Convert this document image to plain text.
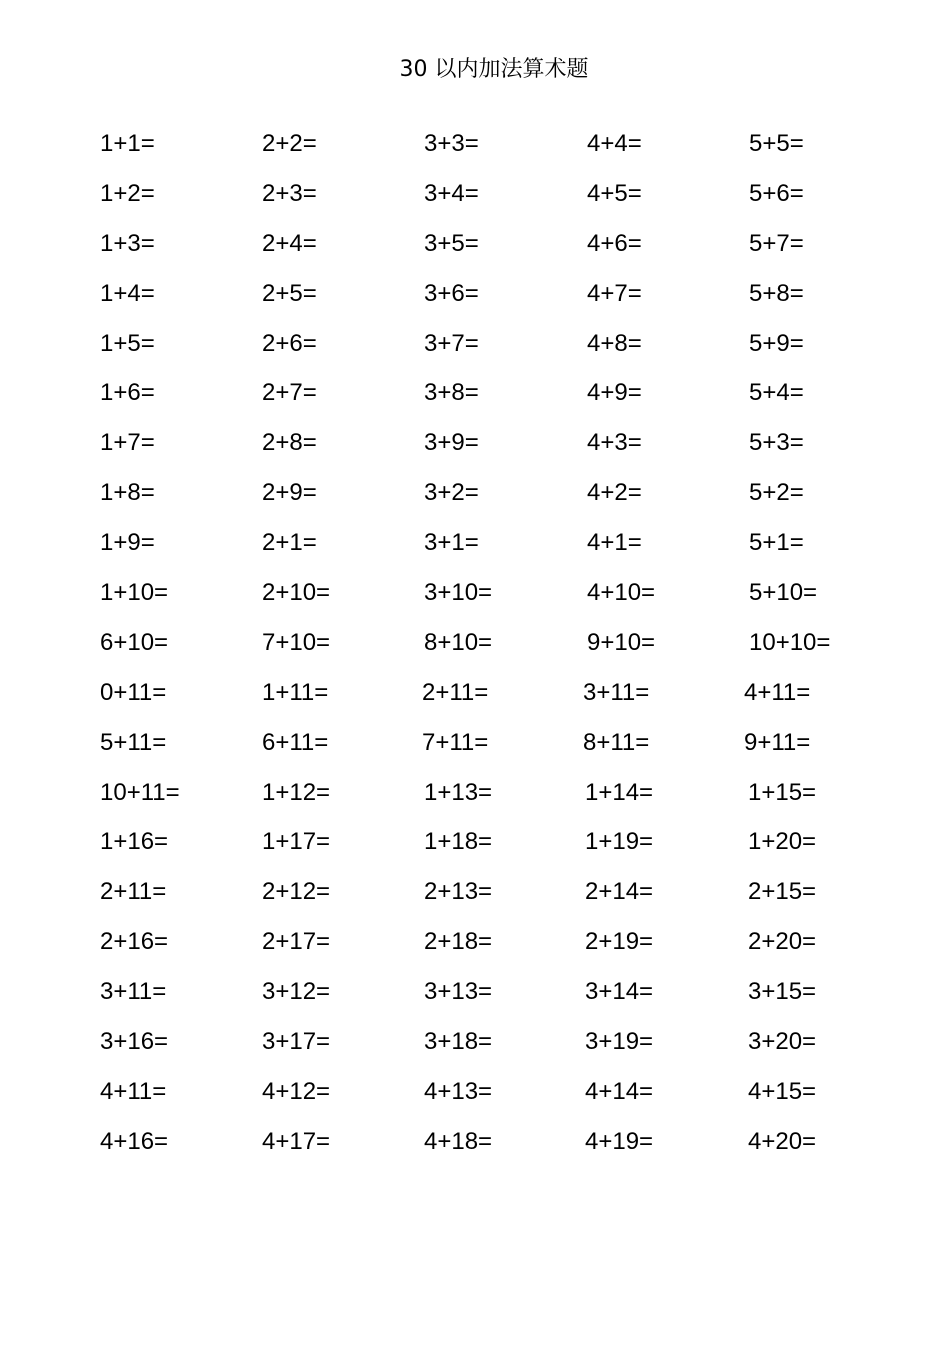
30 以内加法算术题
1+1=	2+2=	3+3=	4+4=	5+5=
1+2=	2+3=	3+4=	4+5=	5+6=
1+3=	2+4=	3+5=	4+6=	5+7=
1+4=	2+5=	3+6=	4+7=	5+8=
1+5=	2+6=	3+7=	4+8=	5+9=
1+6=	2+7=	3+8=	4+9=	5+4=
1+7=	2+8=	3+9=	4+3=	5+3=
1+8=	2+9=	3+2=	4+2=	5+2=
1+9=	2+1=	3+1=	4+1=	5+1=
1+10=	2+10=	3+10=	4+10=	5+10=
6+10=	7+10=	8+10=	9+10=	10+10=
0+11=	1+11=	2+11=	3+11=	4+11=
5+11=	6+11=	7+11=	8+11=	9+11=
10+11=	1+12=	1+13=	1+14=	1+15=
1+16=	1+17=	1+18=	1+19=	1+20=
2+11=	2+12=	2+13=	2+14=	2+15=
2+16=	2+17=	2+18=	2+19=	2+20=
3+11=	3+12=	3+13=	3+14=	3+15=
3+16=	3+17=	3+18=	3+19=	3+20=
4+11=	4+12=	4+13=	4+14=	4+15=
4+16=	4+17=	4+18=	4+19=	4+20=
